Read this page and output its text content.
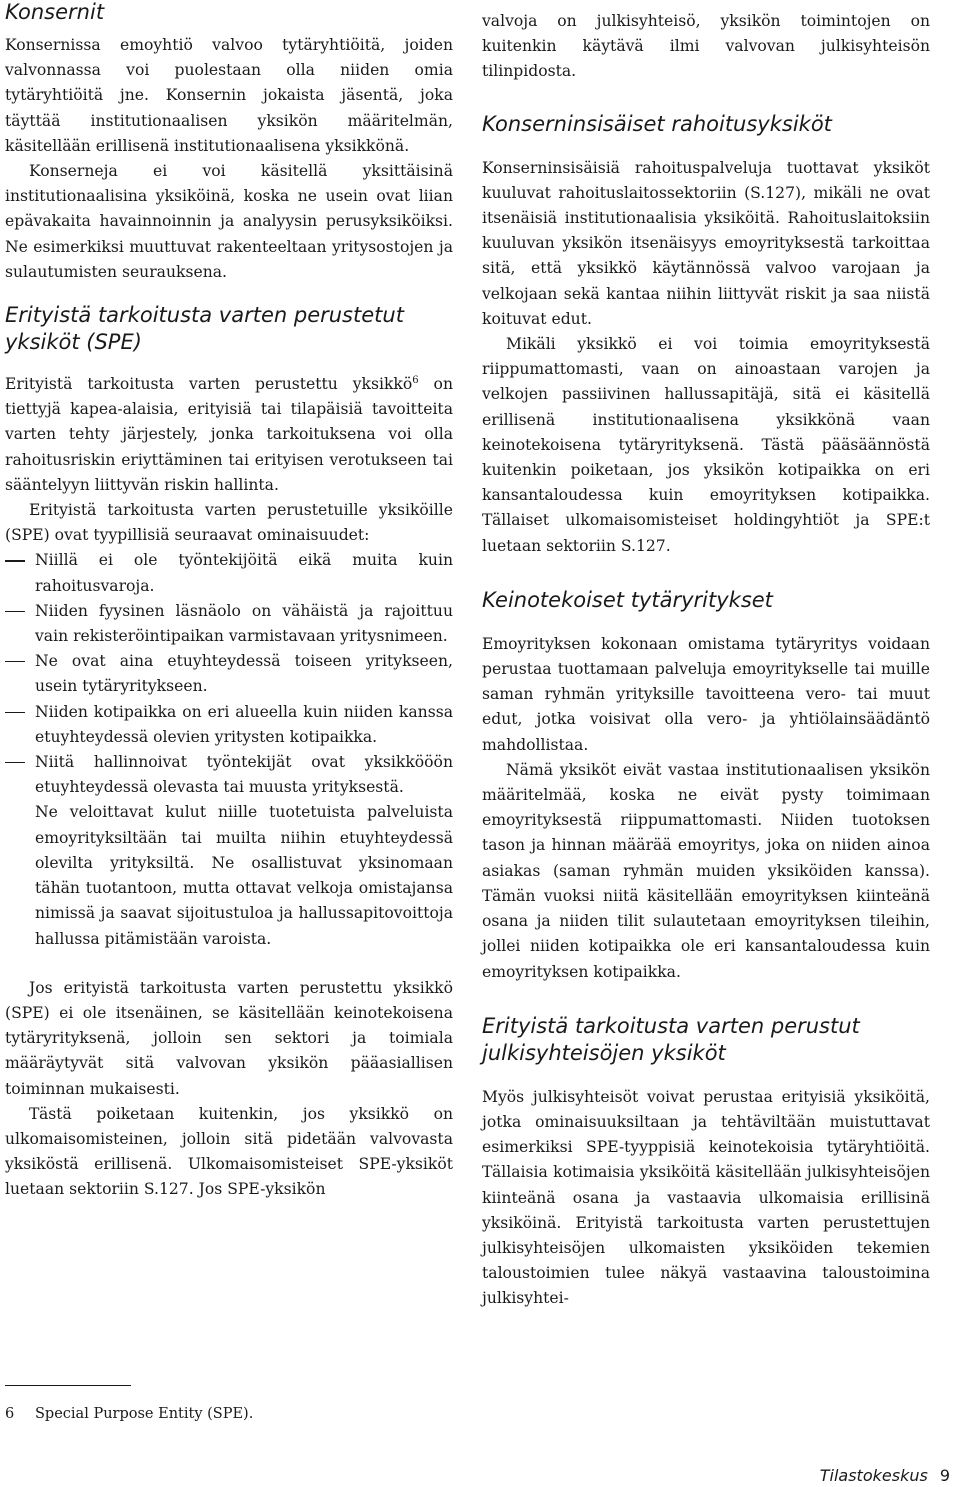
Konsernit

Konsernissa emoyhtiö valvoo tytäryhtiöitä, joiden valvonnassa voi puolestaan olla niiden omia tytäryhtiöitä jne. Konsernin jokaista jäsentä, joka täyttää institutionaalisen yksikön määritelmän, käsitellään erillisenä institutionaalisena yksikkönä.

Konserneja ei voi käsitellä yksittäisinä institutionaalisina yksiköinä, koska ne usein ovat liian epävakaita havainnoinnin ja analyysin perusyksiköiksi. Ne esimerkiksi muuttuvat rakenteeltaan yritysostojen ja sulautumisten seurauksena.

Erityistä tarkoitusta varten perustetut yksiköt (SPE)

Erityistä tarkoitusta varten perustettu yksikkö$^6$ on tiettyjä kapea-alaisia, erityisiä tai tilapäisiä tavoitteita varten tehty järjestely, jonka tarkoituksena voi olla rahoitusriskin eriyttäminen tai erityisen verotukseen tai sääntelyyn liittyvän riskin hallinta.

Erityistä tarkoitusta varten perustetuille yksiköille (SPE) ovat tyypillisiä seuraavat ominaisuudet:

Niillä ei ole työntekijöitä eikä muita kuin rahoitusvaroja.
Niiden fyysinen läsnäolo on vähäistä ja rajoittuu vain rekisteröintipaikan varmistavaan yritysnimeen.
Ne ovat aina etuyhteydessä toiseen yritykseen, usein tytäryritykseen.
Niiden kotipaikka on eri alueella kuin niiden kanssa etuyhteydessä olevien yritysten kotipaikka.
Niitä hallinnoivat työntekijät ovat yksikkööön etuyhteydessä olevasta tai muusta yrityksestä.

Ne veloittavat kulut niille tuotetuista palveluista emoyrityksiltään tai muilta niihin etuyhteydessä olevilta yrityksiltä. Ne osallistuvat yksinomaan tähän tuotantoon, mutta ottavat velkoja omistajansa nimissä ja saavat sijoitustuloa ja hallussapitovoittoja hallussa pitämistään varoista.

Jos erityistä tarkoitusta varten perustettu yksikkö (SPE) ei ole itsenäinen, se käsitellään keinotekoisena tytäryrityksenä, jolloin sen sektori ja toimiala määräytyvät sitä valvovan yksikön pääasiallisen toiminnan mukaisesti.

Tästä poiketaan kuitenkin, jos yksikkö on ulkomaisomisteinen, jolloin sitä pidetään valvovasta yksiköstä erillisenä. Ulkomaisomisteiset SPE-yksiköt luetaan sektoriin S.127. Jos SPE-yksikön

valvoja on julkisyhteisö, yksikön toimintojen on kuitenkin käytävä ilmi valvovan julkisyhteisön tilinpidosta.

Konserninsisäiset rahoitusyksiköt

Konserninsisäisiä rahoituspalveluja tuottavat yksiköt kuuluvat rahoituslaitossektoriin (S.127), mikäli ne ovat itsenäisiä institutionaalisia yksiköitä. Rahoituslaitoksiin kuuluvan yksikön itsenäisyys emoyrityksestä tarkoittaa sitä, että yksikkö käytännössä valvoo varojaan ja velkojaan sekä kantaa niihin liittyvät riskit ja saa niistä koituvat edut.

Mikäli yksikkö ei voi toimia emoyrityksestä riippumattomasti, vaan on ainoastaan varojen ja velkojen passiivinen hallussapitäjä, sitä ei käsitellä erillisenä institutionaalisena yksikkönä vaan keinotekoisena tytäryrityksenä. Tästä pääsäännöstä kuitenkin poiketaan, jos yksikön kotipaikka on eri kansantaloudessa kuin emoyrityksen kotipaikka. Tällaiset ulkomaisomisteiset holdingyhtiöt ja SPE:t luetaan sektoriin S.127.

Keinotekoiset tytäryritykset

Emoyrityksen kokonaan omistama tytäryritys voidaan perustaa tuottamaan palveluja emoyritykselle tai muille saman ryhmän yrityksille tavoitteena vero- tai muut edut, jotka voisivat olla vero- ja yhtiölainsäädäntö mahdollistaa.

Nämä yksiköt eivät vastaa institutionaalisen yksikön määritelmää, koska ne eivät pysty toimimaan emoyrityksestä riippumattomasti. Niiden tuotoksen tason ja hinnan määrää emoyritys, joka on niiden ainoa asiakas (saman ryhmän muiden yksiköiden kanssa). Tämän vuoksi niitä käsitellään emoyrityksen kiinteänä osana ja niiden tilit sulautetaan emoyrityksen tileihin, jollei niiden kotipaikka ole eri kansantaloudessa kuin emoyrityksen kotipaikka.

Erityistä tarkoitusta varten perustut julkisyhteisöjen yksiköt

Myös julkisyhteisöt voivat perustaa erityisiä yksiköitä, jotka ominaisuuksiltaan ja tehtäviltään muistuttavat esimerkiksi SPE-tyyppisiä keinotekoisia tytäryhtiöitä. Tällaisia kotimaisia yksiköitä käsitellään julkisyhteisöjen kiinteänä osana ja vastaavia ulkomaisia erillisinä yksiköinä. Erityistä tarkoitusta varten perustettujen julkisyhteisöjen ulkomaisten yksiköiden tekemien taloustoimien tulee näkyä vastaavina taloustoimina julkisyhtei-

6 Special Purpose Entity (SPE).
Tilastokeskus 9
